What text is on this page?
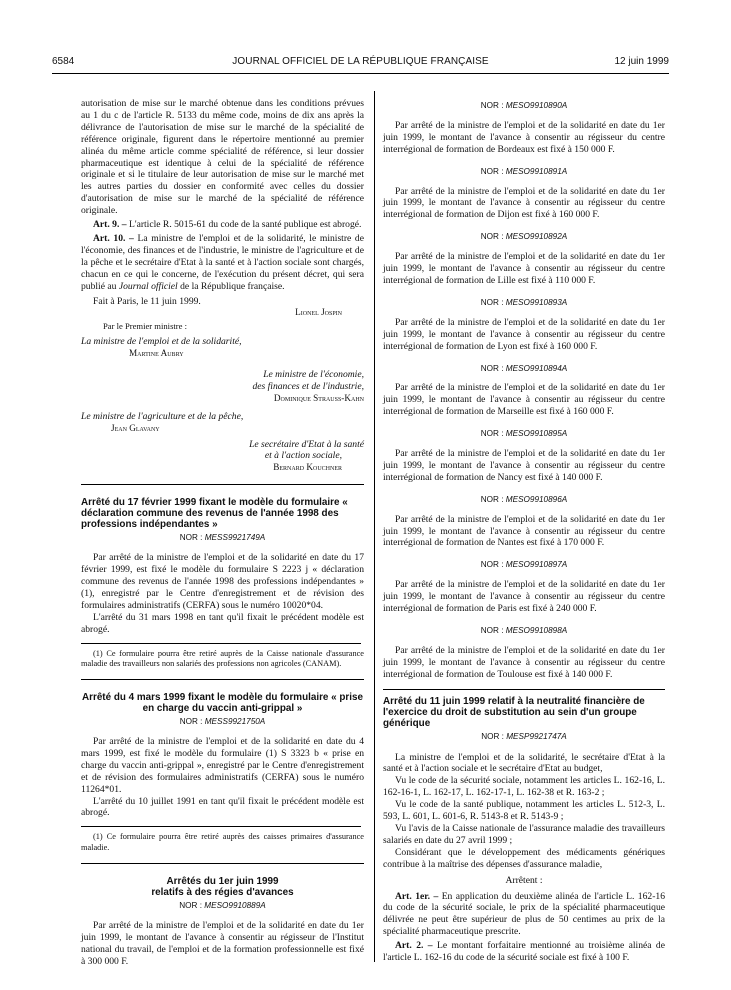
6584	JOURNAL OFFICIEL DE LA RÉPUBLIQUE FRANÇAISE	12 juin 1999

autorisation de mise sur le marché obtenue dans les conditions prévues au 1 du c de l'article R. 5133 du même code, moins de dix ans après la délivrance de l'autorisation de mise sur le marché de la spécialité de référence originale, figurent dans le répertoire mentionné au premier alinéa du même article comme spécialité de référence, si leur dossier pharmaceutique est identique à celui de la spécialité de référence originale et si le titulaire de leur autorisation de mise sur le marché met les autres parties du dossier en conformité avec celles du dossier d'autorisation de mise sur le marché de la spécialité de référence originale.

Art. 9. – L'article R. 5015-61 du code de la santé publique est abrogé.

Art. 10. – La ministre de l'emploi et de la solidarité, le ministre de l'économie, des finances et de l'industrie, le ministre de l'agriculture et de la pêche et le secrétaire d'Etat à la santé et à l'action sociale sont chargés, chacun en ce qui le concerne, de l'exécution du présent décret, qui sera publié au Journal officiel de la République française.

Fait à Paris, le 11 juin 1999.

Lionel Jospin

Par le Premier ministre :

La ministre de l'emploi et de la solidarité,

Martine Aubry

Le ministre de l'économie,

des finances et de l'industrie,

Dominique Strauss-Kahn

Le ministre de l'agriculture et de la pêche,

Jean Glavany

Le secrétaire d'Etat à la santé

et à l'action sociale,

Bernard Kouchner

Arrêté du 17 février 1999 fixant le modèle du formulaire « déclaration commune des revenus de l'année 1998 des professions indépendantes »

NOR : MESS9921749A

Par arrêté de la ministre de l'emploi et de la solidarité en date du 17 février 1999, est fixé le modèle du formulaire S 2223 j « déclaration commune des revenus de l'année 1998 des professions indépendantes » (1), enregistré par le Centre d'enregistrement et de révision des formulaires administratifs (CERFA) sous le numéro 10020*04.

L'arrêté du 31 mars 1998 en tant qu'il fixait le précédent modèle est abrogé.

(1) Ce formulaire pourra être retiré auprès de la Caisse nationale d'assurance maladie des travailleurs non salariés des professions non agricoles (CANAM).

Arrêté du 4 mars 1999 fixant le modèle du formulaire « prise en charge du vaccin anti-grippal »

NOR : MESS9921750A

Par arrêté de la ministre de l'emploi et de la solidarité en date du 4 mars 1999, est fixé le modèle du formulaire (1) S 3323 b « prise en charge du vaccin anti-grippal », enregistré par le Centre d'enregistrement et de révision des formulaires administratifs (CERFA) sous le numéro 11264*01.

L'arrêté du 10 juillet 1991 en tant qu'il fixait le précédent modèle est abrogé.

(1) Ce formulaire pourra être retiré auprès des caisses primaires d'assurance maladie.

Arrêtés du 1er juin 1999

relatifs à des régies d'avances

NOR : MESO9910889A

Par arrêté de la ministre de l'emploi et de la solidarité en date du 1er juin 1999, le montant de l'avance à consentir au régisseur de l'Institut national du travail, de l'emploi et de la formation professionnelle est fixé à 300 000 F.

NOR : MESO9910890A

Par arrêté de la ministre de l'emploi et de la solidarité en date du 1er juin 1999, le montant de l'avance à consentir au régisseur du centre interrégional de formation de Bordeaux est fixé à 150 000 F.

NOR : MESO9910891A

Par arrêté de la ministre de l'emploi et de la solidarité en date du 1er juin 1999, le montant de l'avance à consentir au régisseur du centre interrégional de formation de Dijon est fixé à 160 000 F.

NOR : MESO9910892A

Par arrêté de la ministre de l'emploi et de la solidarité en date du 1er juin 1999, le montant de l'avance à consentir au régisseur du centre interrégional de formation de Lille est fixé à 110 000 F.

NOR : MESO9910893A

Par arrêté de la ministre de l'emploi et de la solidarité en date du 1er juin 1999, le montant de l'avance à consentir au régisseur du centre interrégional de formation de Lyon est fixé à 160 000 F.

NOR : MESO9910894A

Par arrêté de la ministre de l'emploi et de la solidarité en date du 1er juin 1999, le montant de l'avance à consentir au régisseur du centre interrégional de formation de Marseille est fixé à 160 000 F.

NOR : MESO9910895A

Par arrêté de la ministre de l'emploi et de la solidarité en date du 1er juin 1999, le montant de l'avance à consentir au régisseur du centre interrégional de formation de Nancy est fixé à 140 000 F.

NOR : MESO9910896A

Par arrêté de la ministre de l'emploi et de la solidarité en date du 1er juin 1999, le montant de l'avance à consentir au régisseur du centre interrégional de formation de Nantes est fixé à 170 000 F.

NOR : MESO9910897A

Par arrêté de la ministre de l'emploi et de la solidarité en date du 1er juin 1999, le montant de l'avance à consentir au régisseur du centre interrégional de formation de Paris est fixé à 240 000 F.

NOR : MESO9910898A

Par arrêté de la ministre de l'emploi et de la solidarité en date du 1er juin 1999, le montant de l'avance à consentir au régisseur du centre interrégional de formation de Toulouse est fixé à 140 000 F.

Arrêté du 11 juin 1999 relatif à la neutralité financière de l'exercice du droit de substitution au sein d'un groupe générique

NOR : MESP9921747A

La ministre de l'emploi et de la solidarité, le secrétaire d'Etat à la santé et à l'action sociale et le secrétaire d'Etat au budget,

Vu le code de la sécurité sociale, notamment les articles L. 162-16, L. 162-16-1, L. 162-17, L. 162-17-1, L. 162-38 et R. 163-2 ;

Vu le code de la santé publique, notamment les articles L. 512-3, L. 593, L. 601, L. 601-6, R. 5143-8 et R. 5143-9 ;

Vu l'avis de la Caisse nationale de l'assurance maladie des travailleurs salariés en date du 27 avril 1999 ;

Considérant que le développement des médicaments génériques contribue à la maîtrise des dépenses d'assurance maladie,

Arrêtent :

Art. 1er. – En application du deuxième alinéa de l'article L. 162-16 du code de la sécurité sociale, le prix de la spécialité pharmaceutique délivrée ne peut être supérieur de plus de 50 centimes au prix de la spécialité pharmaceutique prescrite.

Art. 2. – Le montant forfaitaire mentionné au troisième alinéa de l'article L. 162-16 du code de la sécurité sociale est fixé à 100 F.
